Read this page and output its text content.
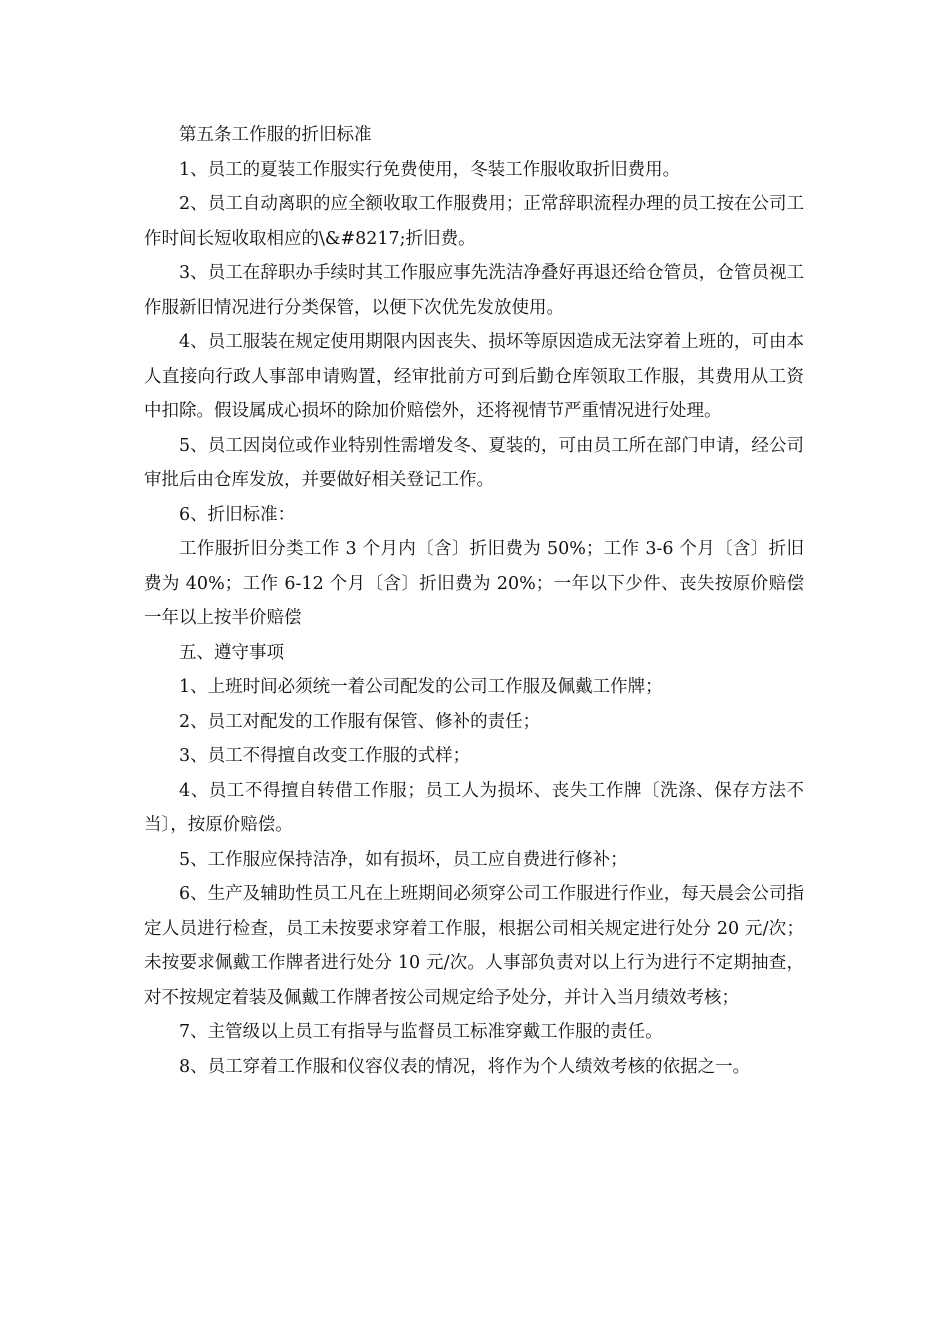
第五条工作服的折旧标准

1、员工的夏装工作服实行免费使用，冬装工作服收取折旧费用。

2、员工自动离职的应全额收取工作服费用；正常辞职流程办理的员工按在公司工作时间长短收取相应的\&#8217;折旧费。

3、员工在辞职办手续时其工作服应事先洗洁净叠好再退还给仓管员，仓管员视工作服新旧情况进行分类保管，以便下次优先发放使用。

4、员工服装在规定使用期限内因丧失、损坏等原因造成无法穿着上班的，可由本人直接向行政人事部申请购置，经审批前方可到后勤仓库领取工作服，其费用从工资中扣除。假设属成心损坏的除加价赔偿外，还将视情节严重情况进行处理。

5、员工因岗位或作业特别性需增发冬、夏装的，可由员工所在部门申请，经公司审批后由仓库发放，并要做好相关登记工作。

6、折旧标准：

工作服折旧分类工作 3 个月内〔含〕折旧费为 50%；工作 3-6 个月〔含〕折旧费为 40%；工作 6-12 个月〔含〕折旧费为 20%；一年以下少件、丧失按原价赔偿一年以上按半价赔偿

五、遵守事项

1、上班时间必须统一着公司配发的公司工作服及佩戴工作牌；

2、员工对配发的工作服有保管、修补的责任；

3、员工不得擅自改变工作服的式样；

4、员工不得擅自转借工作服；员工人为损坏、丧失工作牌〔洗涤、保存方法不当〕，按原价赔偿。

5、工作服应保持洁净，如有损坏，员工应自费进行修补；

6、生产及辅助性员工凡在上班期间必须穿公司工作服进行作业，每天晨会公司指定人员进行检查，员工未按要求穿着工作服，根据公司相关规定进行处分 20 元/次；未按要求佩戴工作牌者进行处分 10 元/次。人事部负责对以上行为进行不定期抽查，对不按规定着装及佩戴工作牌者按公司规定给予处分，并计入当月绩效考核；

7、主管级以上员工有指导与监督员工标准穿戴工作服的责任。

8、员工穿着工作服和仪容仪表的情况，将作为个人绩效考核的依据之一。
